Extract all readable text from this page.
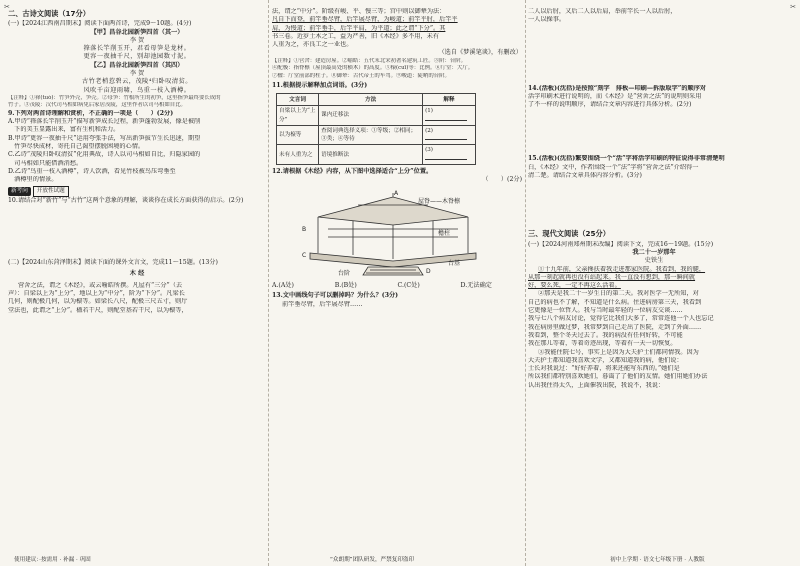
二、古诗文阅读（17分）
(一)【2024江西南昌期末】阅读下面两首诗，完成9～10题。(4分)
【甲】昌谷北园新笋四首（其一）
李 贺
箨落长竿削玉开，君看母笋是龙材。
更容一夜抽千尺，别却池园数寸泥。
【乙】昌谷北园新笋四首（其四）
李 贺
古竹老梢惹碧云，茂陵⁴归卧叹清贫。
风吹千亩迎雨啸，鸟重一枝入酒樽。
【注释】①箨(tuò)：竹笋外壳，笋壳。②母笋：竹根所生的初笋，这里指笋最终要长成的
竹子。③茂陵：汉代司马相如病免后家居茂陵，这里作者以司马相如自比。
9.下列对两首诗理解和赏析，不正确的一项是（　　）(2分)
A.甲诗“箨落长竿削玉开”描写新笋成长过程，新笋蓬勃发展，像是被削
　下的美玉显露出来，富有生机和活力。
B.甲诗“更容一夜抽千尺”运用夸张手法，写出新笋拔节生长迅速，期望
　竹笋尽快成材，寄托自己渴望摆脱困境的心情。
C.乙诗“茂陵归卧叹清贫”化用典故，诗人以司马相如自比，归隐家园的
　司马相如只能借酒消愁。
D.乙诗“鸟重一枝入酒樽”，诗人饮酒，看见竹枝被鸟压弯垂至
　酒樽里的情景。
新考向 开放性试题
10.请结合对“新竹”与“古竹”这两个意象的理解，谈谈你在成长方面获得的启示。(2分)
(二)【2024山东菏泽期末】阅读下面的课外文言文，完成11～15题。(13分)
木 经
营舍之法，谓之《木经》，或云喻皓所撰。凡屋有“三分”（去
声）：自梁以上为“上分”，地以上为“中分”，阶为“下分”。凡梁长
几何，则配极几何，以为榱等。如梁长八尺，配极三尺五寸，则厅
堂法也，此谓之“上分”。楹若干尺，则配堂基若干尺，以为榱等，
法，谓之“中分”。阶级有峻、平、慢三等；宫中则以御辇为法：
凡自下而登，前竿垂尽臂，后竿展尽臂，为峻道；前竿平肘，后竿平
肩，为慢道；前竿垂手，后竿平肩，为平道；此之谓“下分”。其
书三卷。近岁土木之工，益为严善，旧《木经》多不用，未有
人重为之，亦良工之一业也。
（选自《梦溪笔谈》，有删改）
【注释】①营舍：建造房屋。②喻皓：五代末北宋初著名建筑工匠。③阶：台阶。
④配极：指脊檩（屋顶最高处的横木）的高度。⑤榱(cuī)等：比例。⑥厅堂：大厅。
⑦楹：厅堂前部的柱子。⑧御辇：古代帝王的车驾。⑨峻道：陡峭的台阶。
11.根据提示解释加点词语。(3分)
文言词	方法	解释
自梁以上为“上分”	课内迁移法	(1)
以为榱等	查阅词典选择义项：①等级；②相同；③类；④等待	(2)
未有人重为之	语境推断法	(3)
12.请根据《木经》内容，从下图中选择适合“上分”位置。
（　　）(2分)
A
B
C
D
屋脊——木脊檩
檐柱
台基
台阶
A.(A处)	B.(B处)	C.(C处)	D.无法确定
13.文中画线句子可以删掉吗？为什么？(3分)
前竿垂尽臂，后竿展尽臂……
二人以后肘，又后二人以后肩，举前竿长一人以后肘，
一人以操事。
14.(活板)(沈括)是按照“刻字　排板—印刷—拆版取字”的顺序对
活字印刷术进行说明的，而《木经》是“营舍之法”的说明则采用
了不一样的说明顺序，请结合文章内容进行具体分析。(2分)
15.(活板)(沈括)繁要围绕一个“活”字将活字印刷的特征说得非常清楚明
白，《木经》文中，作者围绕一个“法”字将“营舍之法”介绍得一
清二楚。请结合文章具体内容分析。(3分)
三、现代文阅读（25分）
(一)【2024河南郑州期末改编】阅读下文，完成16～19题。(15分)
我二十一岁那年
史铁生
①十九年前，父亲搀扶着我走进那家医院。我看到，我的腿，
从那一刻起就再也没有站起来。我一直没有想到，那一瞬间就
好，要么死，一定不再这么活着。
②那天是我二十一岁生日的第二天。我对医学一无所知，对
自己的病也不了解，不知道是什么病。住进病房第三天，我看到
它更像是一位哲人。我与当时最年轻的一位病友交谈……
我与七八个病友讨论，觉得它比我们大多了，常常连他一个人也忘记
我在病房里做过梦，我常梦到自己走出了医院，走到了外面……
我看到，整个冬天过去了。我的病没有任何好转，不可能
我在那儿等着，等着奇迹出现，等着有一天一切恢复。
③我能住院七号，事实上是因为大夫护士们都同情我。因为
大夫护士都知道我喜欢文学，又都知道我的病，他们说：
士长对我说过：“好好养着，将来还能写东西的。”她们是
所以我们都特别喜欢她们，暮霭了了他们的友情。她们用她们办法
认出我住得太久，上面催我出院，我说不，我说：
使用建议：·按需用 · 补漏 · 巩固	“众朗期”团队研发，严禁复印盗印	初中上学期 · 语文七年级下册 · 人教版
✂	✂
